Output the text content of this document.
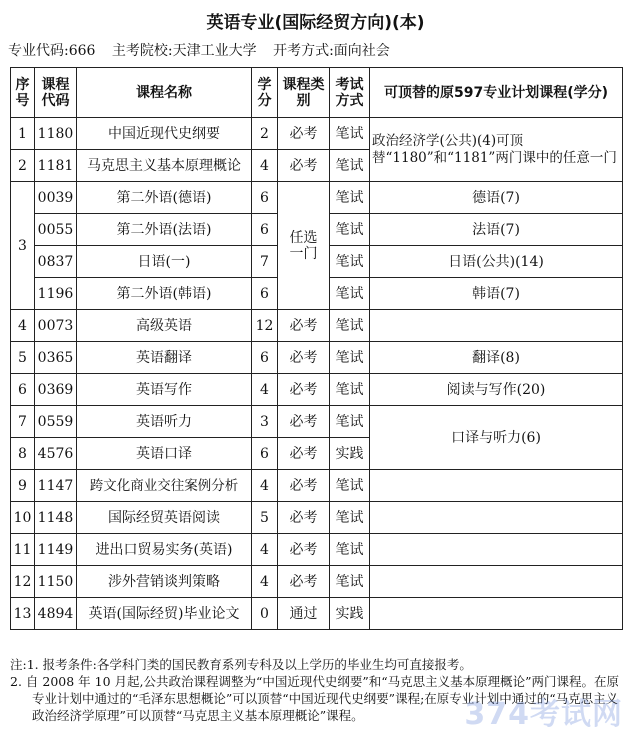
英语专业(国际经贸方向)(本)
专业代码:666 主考院校:天津工业大学 开考方式:面向社会
序号	课程代码	课程名称	学分	课程类别	考试方式	可顶替的原597专业计划课程(学分)
1	1180	中国近现代史纲要	2	必考	笔试	政治经济学(公共)(4)可顶替“1180”和“1181”两门课中的任意一门
2	1181	马克思主义基本原理概论	4	必考	笔试	
3	0039	第二外语(德语)	6	任选一门	笔试	德语(7)
	0055	第二外语(法语)	6		笔试	法语(7)
	0837	日语(一)	7		笔试	日语(公共)(14)
	1196	第二外语(韩语)	6		笔试	韩语(7)
4	0073	高级英语	12	必考	笔试	
5	0365	英语翻译	6	必考	笔试	翻译(8)
6	0369	英语写作	4	必考	笔试	阅读与写作(20)
7	0559	英语听力	3	必考	笔试	口译与听力(6)
8	4576	英语口译	6	必考	实践	
9	1147	跨文化商业交往案例分析	4	必考	笔试	
10	1148	国际经贸英语阅读	5	必考	笔试	
11	1149	进出口贸易实务(英语)	4	必考	笔试	
12	1150	涉外营销谈判策略	4	必考	笔试	
13	4894	英语(国际经贸)毕业论文	0	通过	实践	
注:1. 报考条件:各学科门类的国民教育系列专科及以上学历的毕业生均可直接报考。
2. 自 2008 年 10 月起,公共政治课程调整为“中国近现代史纲要”和“马克思主义基本原理概论”两门课程。在原专业计划中通过的“毛泽东思想概论”可以顶替“中国近现代史纲要”课程;在原专业计划中通过的“马克思主义政治经济学原理”可以顶替“马克思主义基本原理概论”课程。	374考试网
